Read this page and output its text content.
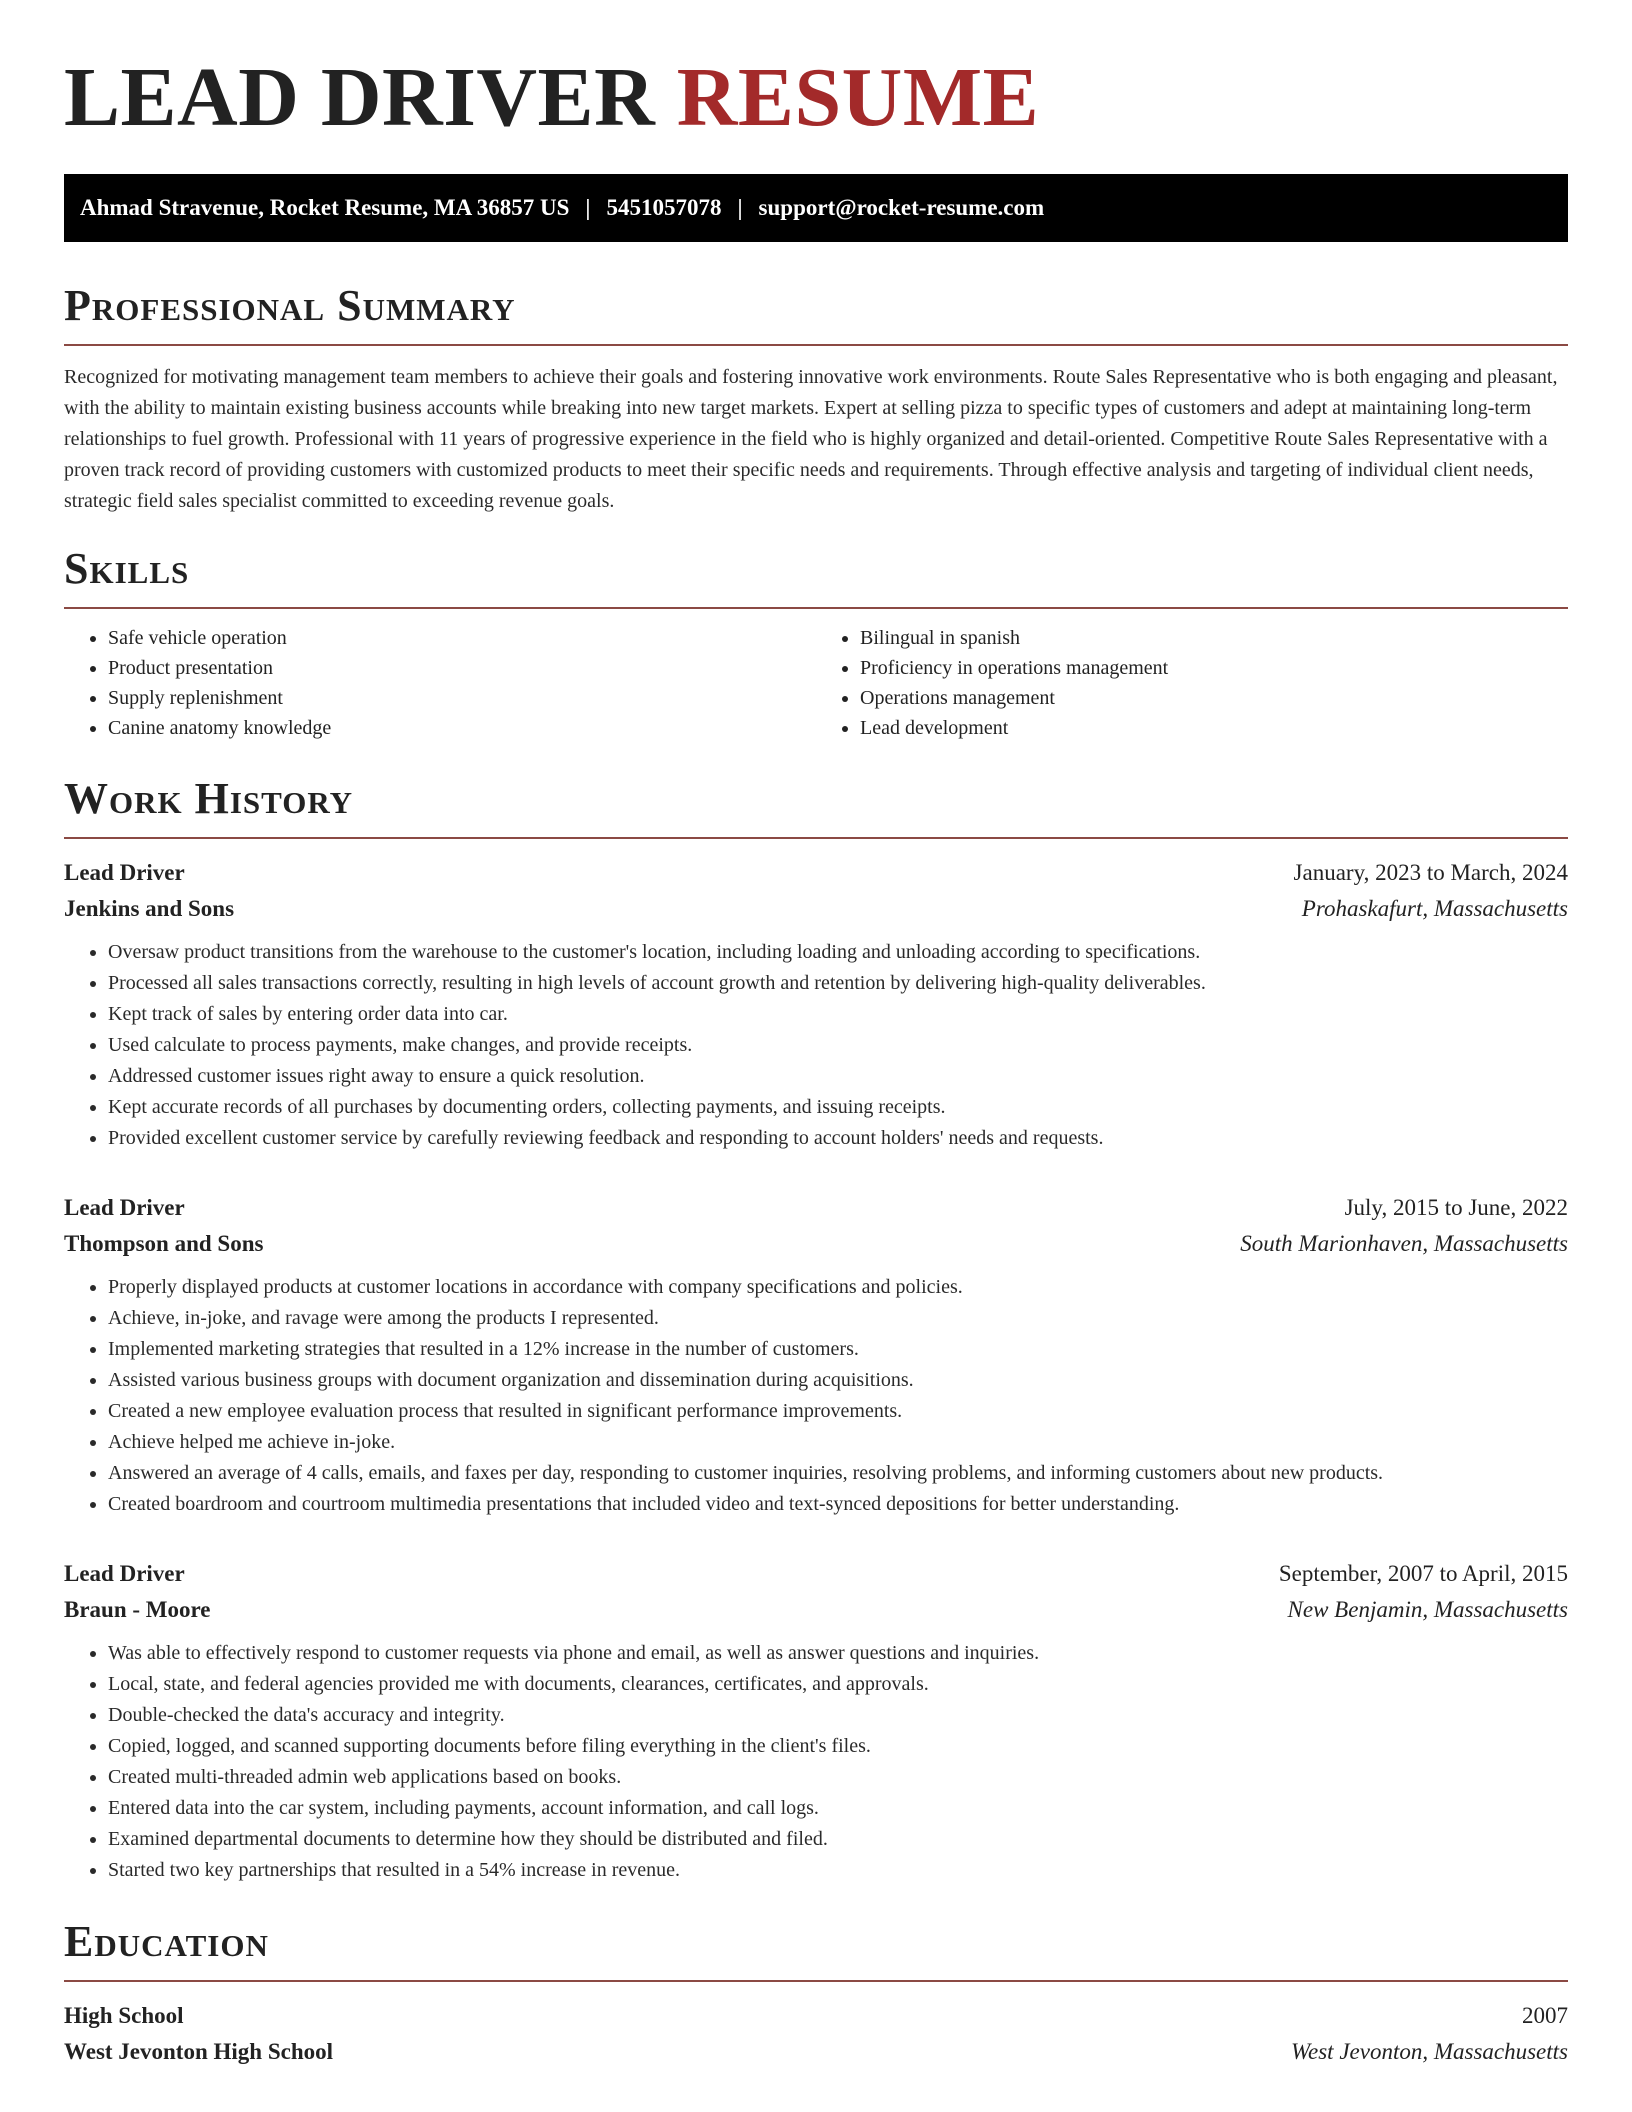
LEAD DRIVER RESUME
Ahmad Stravenue, Rocket Resume, MA 36857 US | 5451057078 | support@rocket-resume.com
Professional Summary

Recognized for motivating management team members to achieve their goals and fostering innovative work environments. Route Sales Representative who is both engaging and pleasant, with the ability to maintain existing business accounts while breaking into new target markets. Expert at selling pizza to specific types of customers and adept at maintaining long-term relationships to fuel growth. Professional with 11 years of progressive experience in the field who is highly organized and detail-oriented. Competitive Route Sales Representative with a proven track record of providing customers with customized products to meet their specific needs and requirements. Through effective analysis and targeting of individual client needs, strategic field sales specialist committed to exceeding revenue goals.

Skills
• Safe vehicle operation
• Product presentation
• Supply replenishment
• Canine anatomy knowledge
• Bilingual in spanish
• Proficiency in operations management
• Operations management
• Lead development
Work History
Lead Driver	January, 2023 to March, 2024
Jenkins and Sons	Prohaskafurt, Massachusetts
• Oversaw product transitions from the warehouse to the customer's location, including loading and unloading according to specifications.
• Processed all sales transactions correctly, resulting in high levels of account growth and retention by delivering high-quality deliverables.
• Kept track of sales by entering order data into car.
• Used calculate to process payments, make changes, and provide receipts.
• Addressed customer issues right away to ensure a quick resolution.
• Kept accurate records of all purchases by documenting orders, collecting payments, and issuing receipts.
• Provided excellent customer service by carefully reviewing feedback and responding to account holders' needs and requests.
Lead Driver	July, 2015 to June, 2022
Thompson and Sons	South Marionhaven, Massachusetts
• Properly displayed products at customer locations in accordance with company specifications and policies.
• Achieve, in-joke, and ravage were among the products I represented.
• Implemented marketing strategies that resulted in a 12% increase in the number of customers.
• Assisted various business groups with document organization and dissemination during acquisitions.
• Created a new employee evaluation process that resulted in significant performance improvements.
• Achieve helped me achieve in-joke.
• Answered an average of 4 calls, emails, and faxes per day, responding to customer inquiries, resolving problems, and informing customers about new products.
• Created boardroom and courtroom multimedia presentations that included video and text-synced depositions for better understanding.
Lead Driver	September, 2007 to April, 2015
Braun - Moore	New Benjamin, Massachusetts
• Was able to effectively respond to customer requests via phone and email, as well as answer questions and inquiries.
• Local, state, and federal agencies provided me with documents, clearances, certificates, and approvals.
• Double-checked the data's accuracy and integrity.
• Copied, logged, and scanned supporting documents before filing everything in the client's files.
• Created multi-threaded admin web applications based on books.
• Entered data into the car system, including payments, account information, and call logs.
• Examined departmental documents to determine how they should be distributed and filed.
• Started two key partnerships that resulted in a 54% increase in revenue.
Education
High School	2007
West Jevonton High School	West Jevonton, Massachusetts
